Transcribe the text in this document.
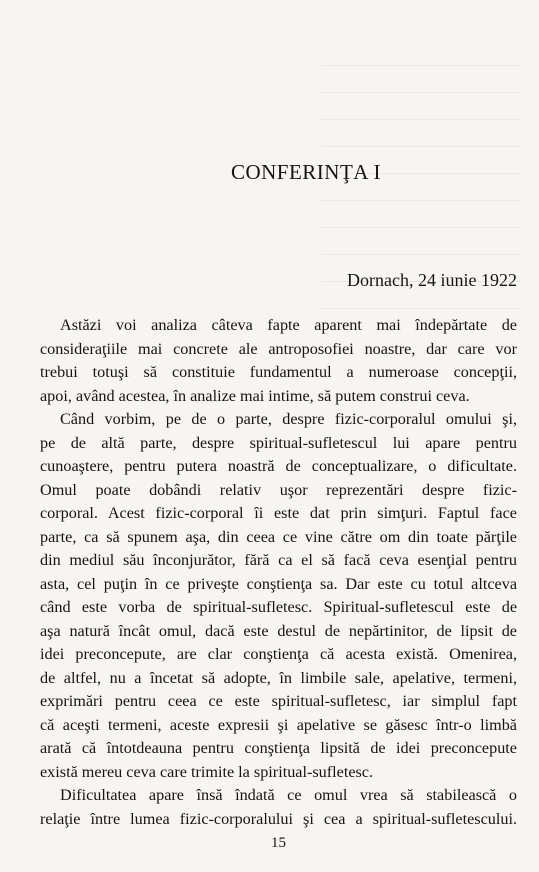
CONFERINŢA I

Dornach, 24 iunie 1922

Astăzi voi analiza câteva fapte aparent mai îndepărtate de
consideraţiile mai concrete ale antroposofiei noastre, dar care vor
trebui totuşi să constituie fundamentul a numeroase concepţii,
apoi, având acestea, în analize mai intime, să putem construi ceva.

Când vorbim, pe de o parte, despre fizic-corporalul omului şi,
pe de altă parte, despre spiritual-sufletescul lui apare pentru
cunoaştere, pentru putera noastră de conceptualizare, o dificultate.
Omul poate dobândi relativ uşor reprezentări despre fizic-
corporal. Acest fizic-corporal îi este dat prin simţuri. Faptul face
parte, ca să spunem aşa, din ceea ce vine către om din toate părţile
din mediul său înconjurător, fără ca el să facă ceva esenţial pentru
asta, cel puţin în ce priveşte conştienţa sa. Dar este cu totul altceva
când este vorba de spiritual-sufletesc. Spiritual-sufletescul este de
aşa natură încât omul, dacă este destul de nepărtinitor, de lipsit de
idei preconcepute, are clar conştienţa că acesta există. Omenirea,
de altfel, nu a încetat să adopte, în limbile sale, apelative, termeni,
exprimări pentru ceea ce este spiritual-sufletesc, iar simplul fapt
că aceşti termeni, aceste expresii şi apelative se găsesc într-o limbă
arată că întotdeauna pentru conştienţa lipsită de idei preconcepute
există mereu ceva care trimite la spiritual-sufletesc.

Dificultatea apare însă îndată ce omul vrea să stabilească o
relaţie între lumea fizic-corporalului şi cea a spiritual-sufletescului.

15
